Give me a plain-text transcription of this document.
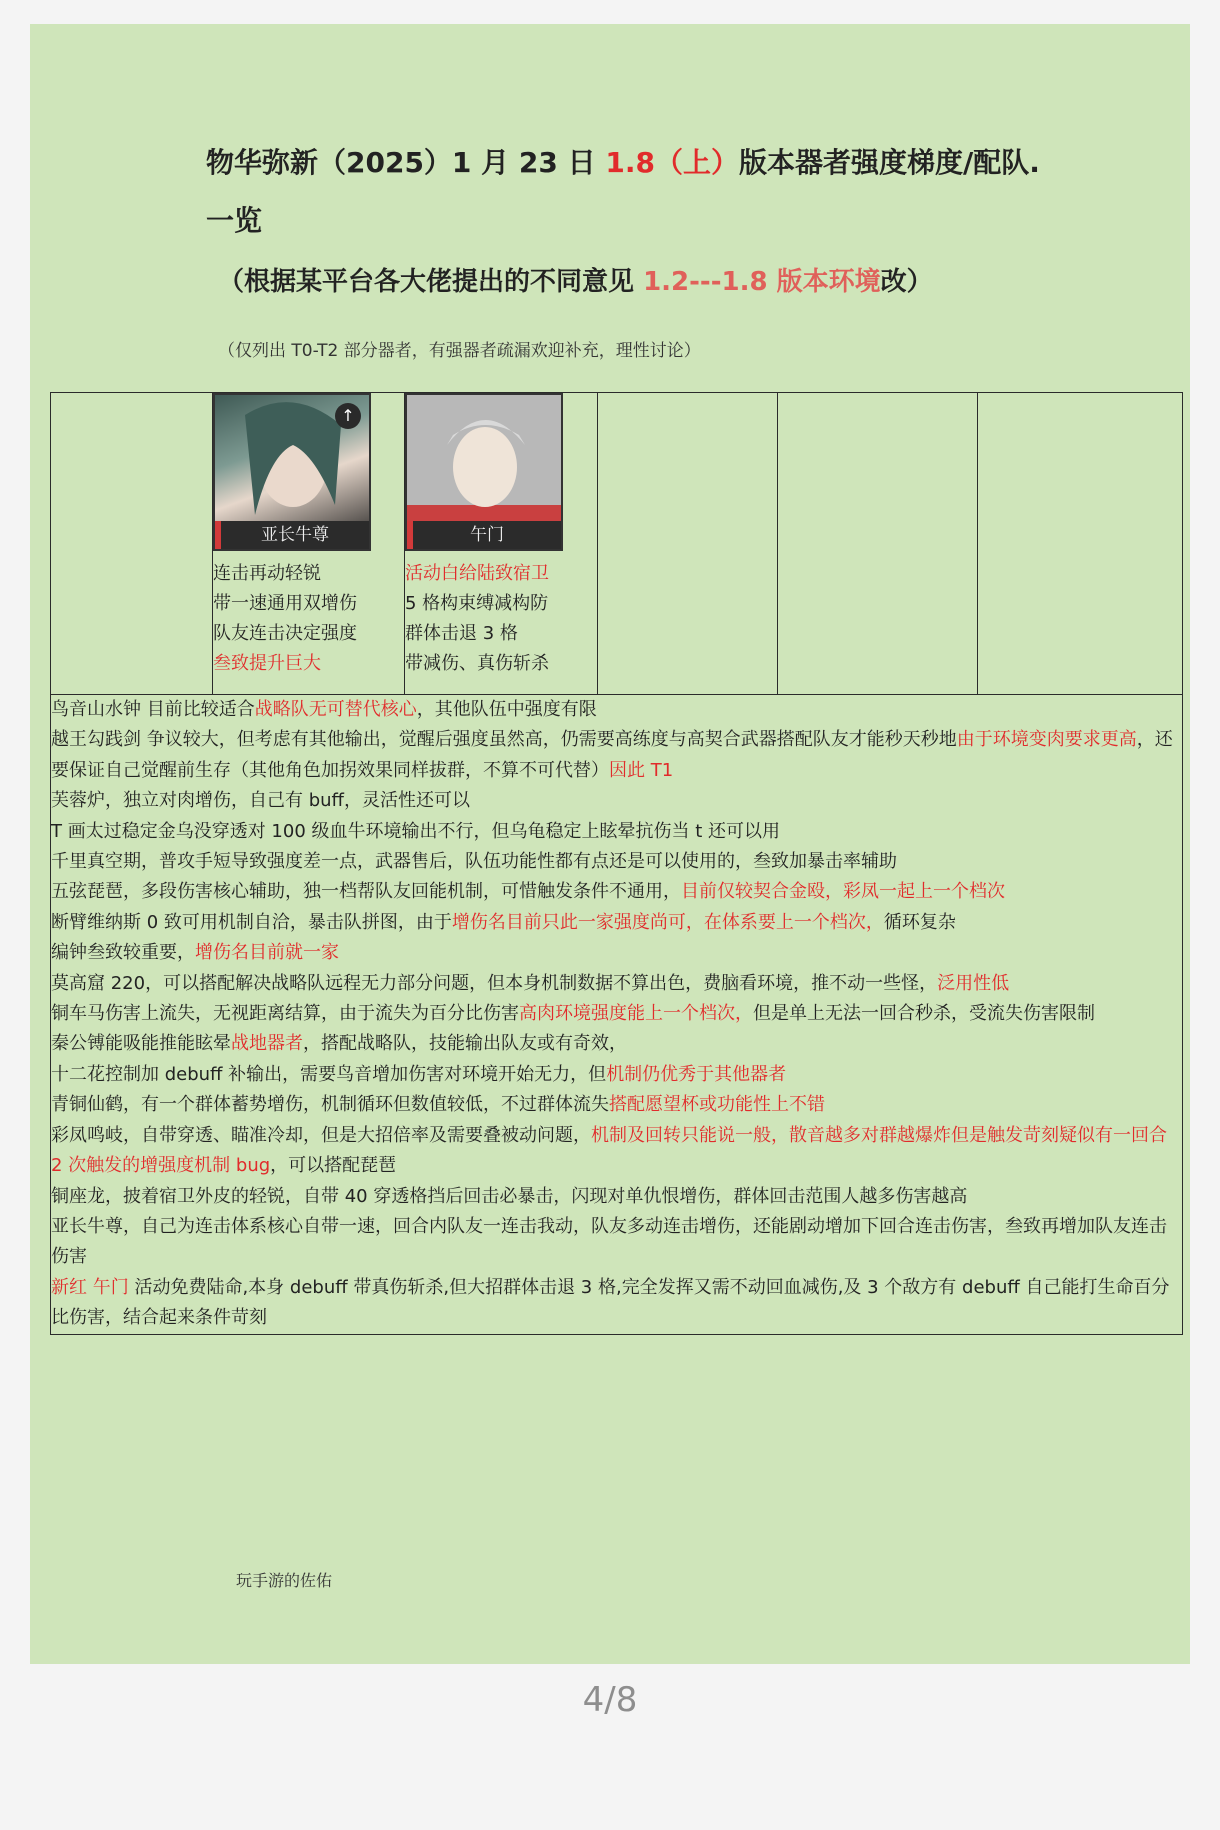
物华弥新（2025）1 月 23 日 1.8（上）版本器者强度梯度/配队.
一览
（根据某平台各大佬提出的不同意见 1.2---1.8 版本环境改）
（仅列出 T0-T2 部分器者，有强器者疏漏欢迎补充，理性讨论）

↑
亚长牛尊
连击再动轻锐
带一速通用双增伤
队友连击决定强度
叁致提升巨大

午门
活动白给陆致宿卫
5 格构束缚减构防
群体击退 3 格
带减伤、真伤斩杀

鸟音山水钟 目前比较适合战略队无可替代核心，其他队伍中强度有限

越王勾践剑 争议较大，但考虑有其他输出，觉醒后强度虽然高，仍需要高练度与高契合武器搭配队友才能秒天秒地由于环境变肉要求更高，还要保证自己觉醒前生存（其他角色加拐效果同样拔群，不算不可代替）因此 T1

芙蓉炉，独立对肉增伤，自己有 buff，灵活性还可以

T 画太过稳定金乌没穿透对 100 级血牛环境输出不行，但乌龟稳定上眩晕抗伤当 t 还可以用

千里真空期，普攻手短导致强度差一点，武器售后，队伍功能性都有点还是可以使用的，叁致加暴击率辅助

五弦琵琶，多段伤害核心辅助，独一档帮队友回能机制，可惜触发条件不通用，目前仅较契合金殴，彩凤一起上一个档次

断臂维纳斯 0 致可用机制自洽，暴击队拼图，由于增伤名目前只此一家强度尚可，在体系要上一个档次，循环复杂

编钟叁致较重要，增伤名目前就一家

莫高窟 220，可以搭配解决战略队远程无力部分问题，但本身机制数据不算出色，费脑看环境，推不动一些怪，泛用性低

铜车马伤害上流失，无视距离结算，由于流失为百分比伤害高肉环境强度能上一个档次，但是单上无法一回合秒杀，受流失伤害限制

秦公镈能吸能推能眩晕战地器者，搭配战略队，技能输出队友或有奇效，

十二花控制加 debuff 补输出，需要鸟音增加伤害对环境开始无力，但机制仍优秀于其他器者

青铜仙鹤，有一个群体蓄势增伤，机制循环但数值较低，不过群体流失搭配愿望杯或功能性上不错

彩凤鸣岐，自带穿透、瞄准冷却，但是大招倍率及需要叠被动问题，机制及回转只能说一般，散音越多对群越爆炸但是触发苛刻疑似有一回合 2 次触发的增强度机制 bug，可以搭配琵琶

铜座龙，披着宿卫外皮的轻锐，自带 40 穿透格挡后回击必暴击，闪现对单仇恨增伤，群体回击范围人越多伤害越高

亚长牛尊，自己为连击体系核心自带一速，回合内队友一连击我动，队友多动连击增伤，还能剧动增加下回合连击伤害，叁致再增加队友连击伤害

新红 午门 活动免费陆命,本身 debuff 带真伤斩杀,但大招群体击退 3 格,完全发挥又需不动回血减伤,及 3 个敌方有 debuff 自己能打生命百分比伤害，结合起来条件苛刻

玩手游的佐佑
4/8
